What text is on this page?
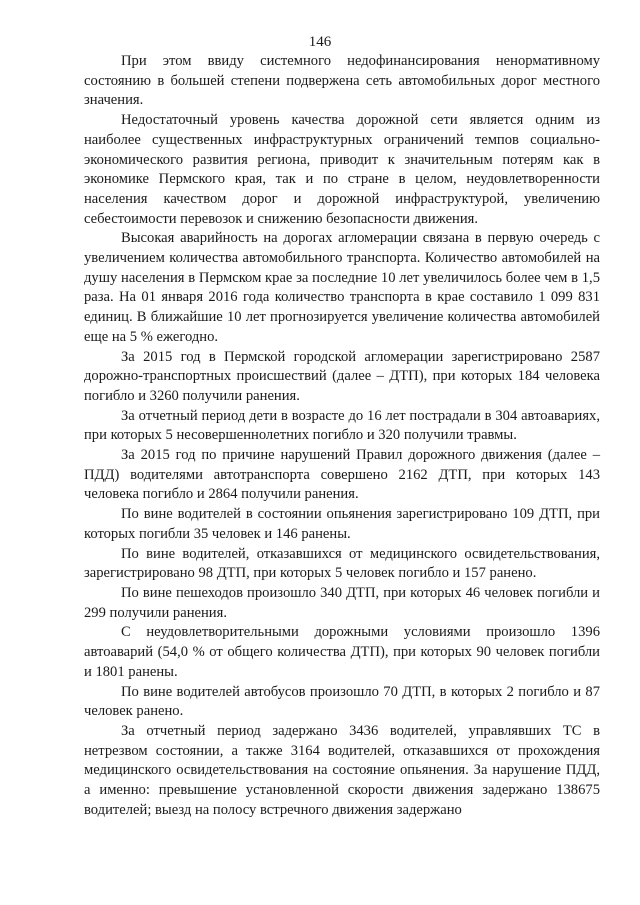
146

При этом ввиду системного недофинансирования ненормативному состоянию в большей степени подвержена сеть автомобильных дорог местного значения.

Недостаточный уровень качества дорожной сети является одним из наиболее существенных инфраструктурных ограничений темпов социально-экономического развития региона, приводит к значительным потерям как в экономике Пермского края, так и по стране в целом, неудовлетворенности населения качеством дорог и дорожной инфраструктурой, увеличению себестоимости перевозок и снижению безопасности движения.

Высокая аварийность на дорогах агломерации связана в первую очередь с увеличением количества автомобильного транспорта. Количество автомобилей на душу населения в Пермском крае за последние 10 лет увеличилось более чем в 1,5 раза. На 01 января 2016 года количество транспорта в крае составило 1 099 831 единиц. В ближайшие 10 лет прогнозируется увеличение количества автомобилей еще на 5 % ежегодно.

За 2015 год в Пермской городской агломерации зарегистрировано 2587 дорожно-транспортных происшествий (далее – ДТП), при которых 184 человека погибло и 3260 получили ранения.

За отчетный период дети в возрасте до 16 лет пострадали в 304 автоавариях, при которых 5 несовершеннолетних погибло и 320 получили травмы.

За 2015 год по причине нарушений Правил дорожного движения (далее – ПДД) водителями автотранспорта совершено 2162 ДТП, при которых 143 человека погибло и 2864 получили ранения.

По вине водителей в состоянии опьянения зарегистрировано 109 ДТП, при которых погибли 35 человек и 146 ранены.

По вине водителей, отказавшихся от медицинского освидетельствования, зарегистрировано 98 ДТП, при которых 5 человек погибло и 157 ранено.

По вине пешеходов произошло 340 ДТП, при которых 46 человек погибли и 299 получили ранения.

С неудовлетворительными дорожными условиями произошло 1396 автоаварий (54,0 % от общего количества ДТП), при которых 90 человек погибли и 1801 ранены.

По вине водителей автобусов произошло 70 ДТП, в которых 2 погибло и 87 человек ранено.

За отчетный период задержано 3436 водителей, управлявших ТС в нетрезвом состоянии, а также 3164 водителей, отказавшихся от прохождения медицинского освидетельствования на состояние опьянения. За нарушение ПДД, а именно: превышение установленной скорости движения задержано 138675 водителей; выезд на полосу встречного движения задержано
